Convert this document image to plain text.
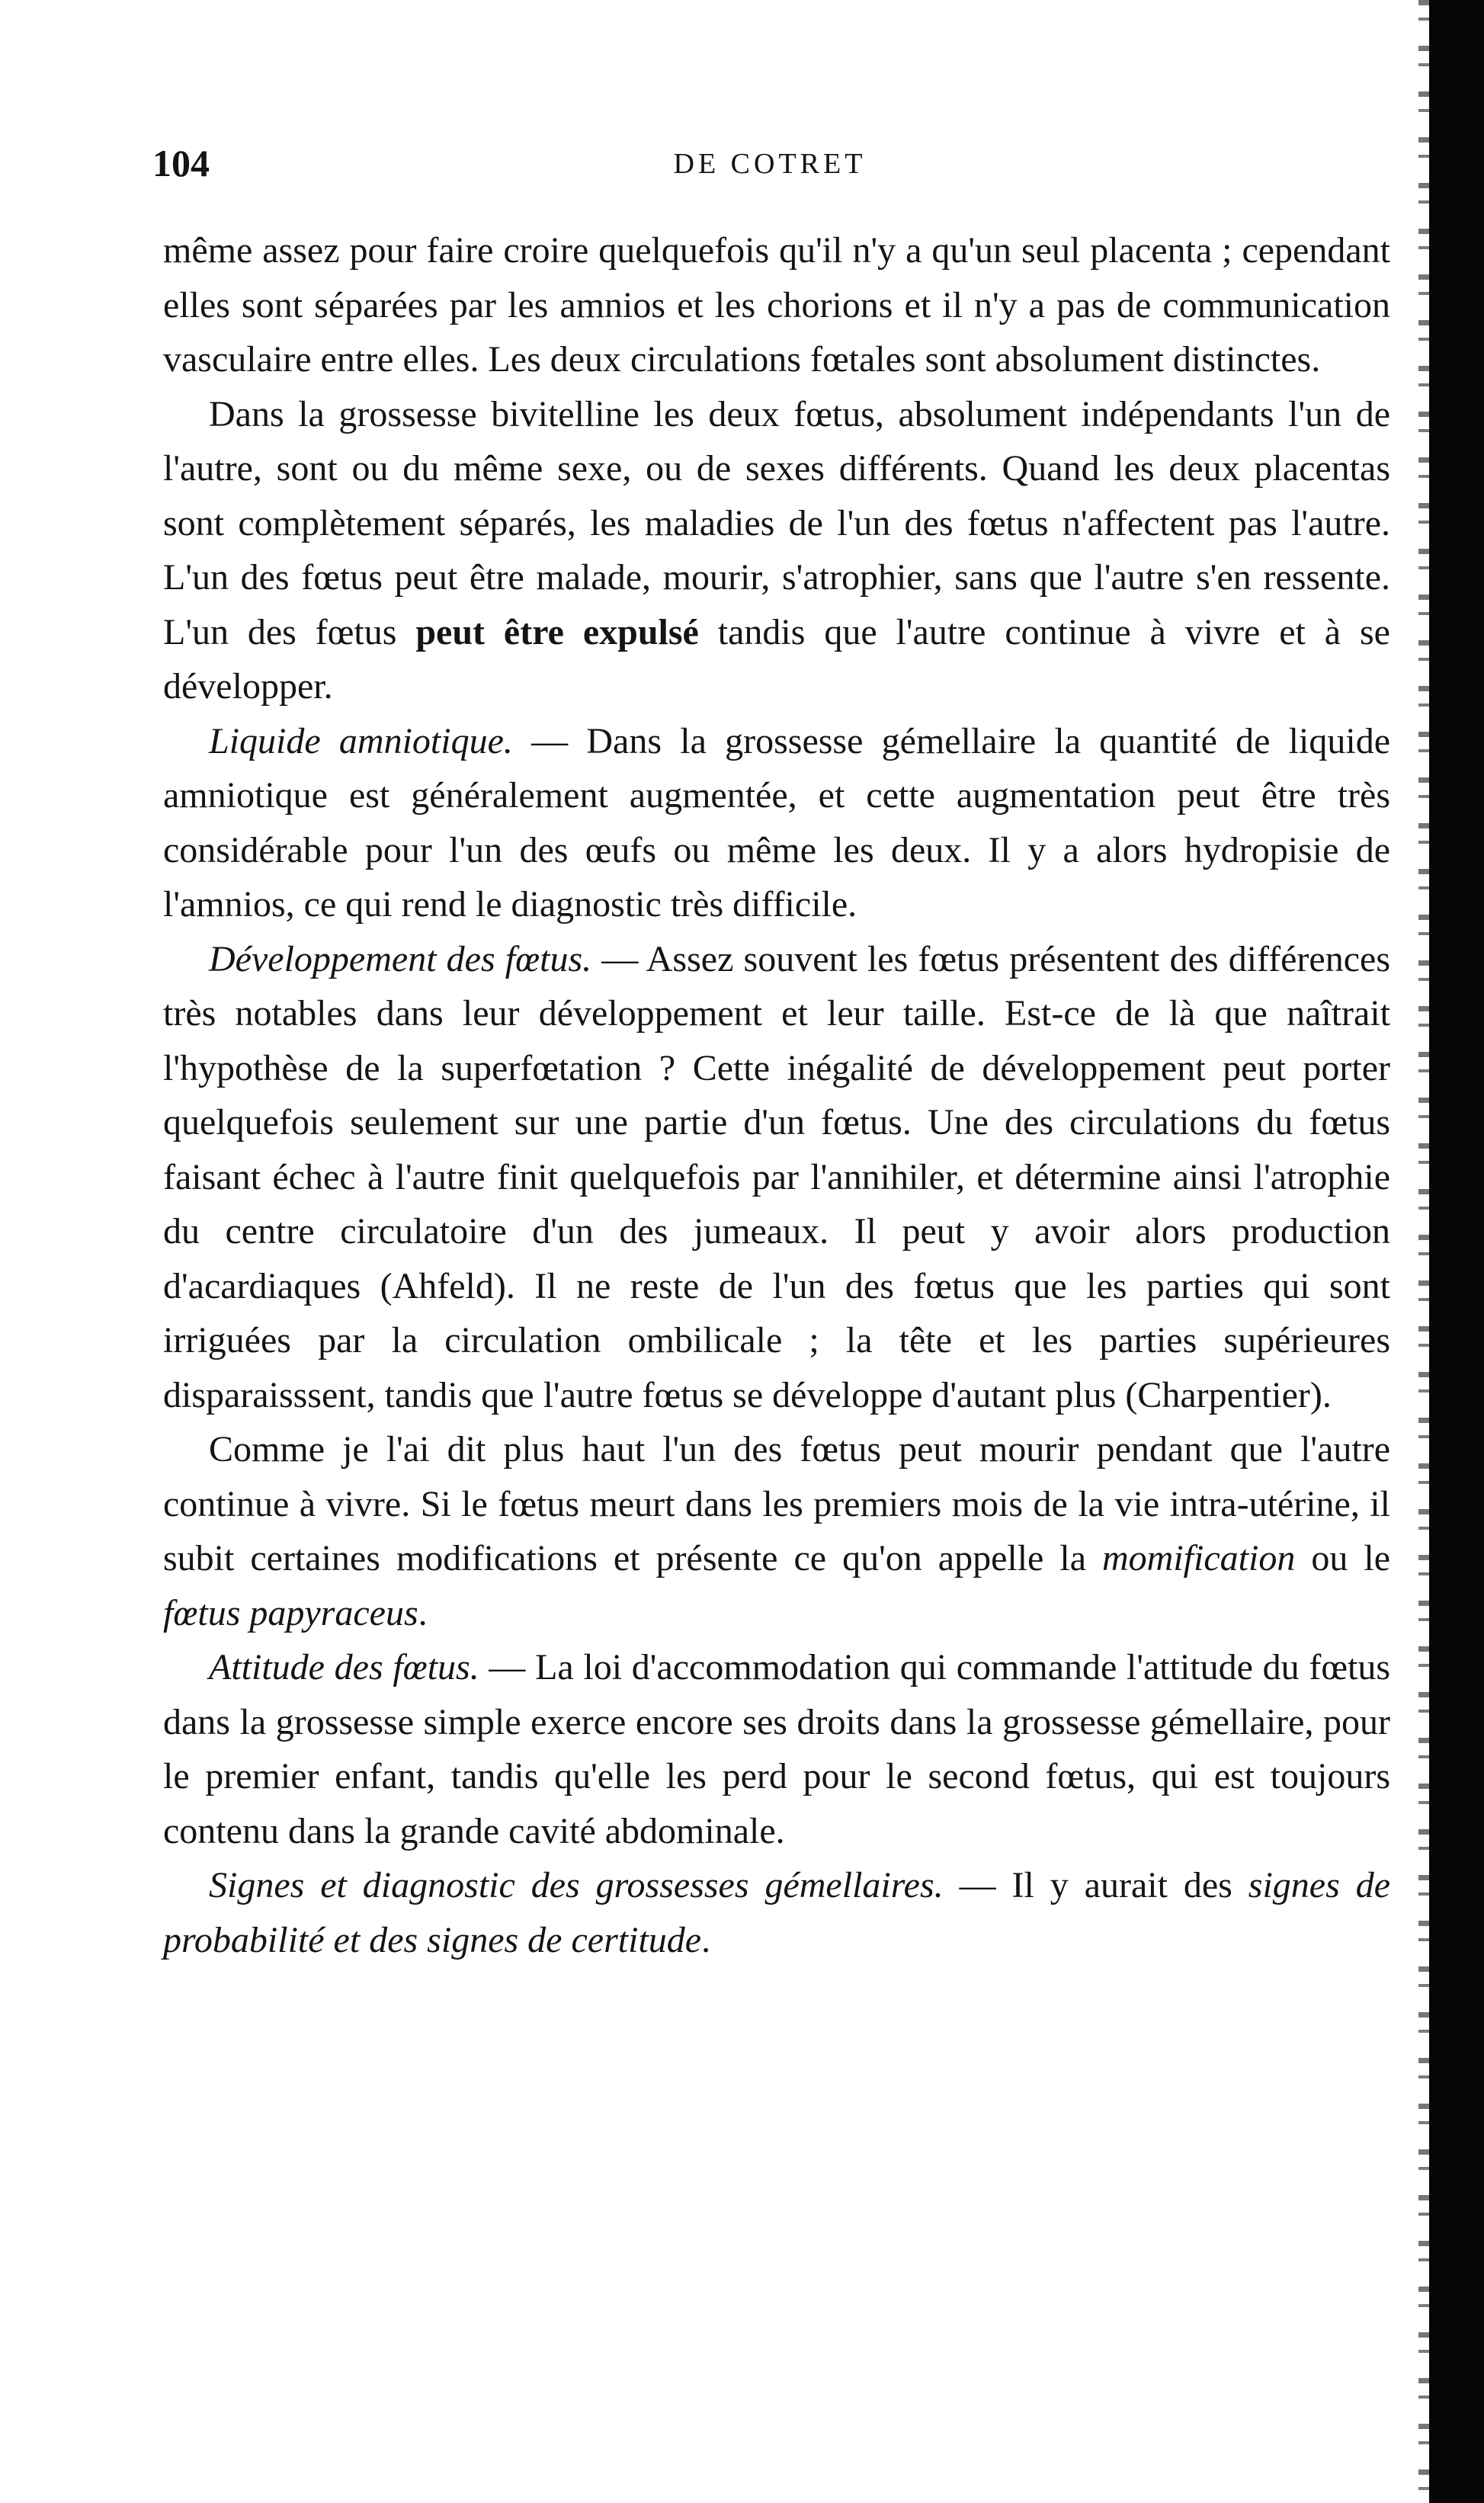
104	DE COTRET

même assez pour faire croire quelquefois qu'il n'y a qu'un seul placenta ; cependant elles sont séparées par les amnios et les chorions et il n'y a pas de communication vasculaire entre elles. Les deux circulations fœtales sont absolument distinctes.

Dans la grossesse bivitelline les deux fœtus, absolument indépendants l'un de l'autre, sont ou du même sexe, ou de sexes différents. Quand les deux placentas sont complètement séparés, les maladies de l'un des fœtus n'affectent pas l'autre. L'un des fœtus peut être malade, mourir, s'atrophier, sans que l'autre s'en ressente. L'un des fœtus peut être expulsé tandis que l'autre continue à vivre et à se développer.

Liquide amniotique. — Dans la grossesse gémellaire la quantité de liquide amniotique est généralement augmentée, et cette augmentation peut être très considérable pour l'un des œufs ou même les deux. Il y a alors hydropisie de l'amnios, ce qui rend le diagnostic très difficile.

Développement des fœtus. — Assez souvent les fœtus présentent des différences très notables dans leur développement et leur taille. Est-ce de là que naîtrait l'hypothèse de la superfœtation ? Cette inégalité de développement peut porter quelquefois seulement sur une partie d'un fœtus. Une des circulations du fœtus faisant échec à l'autre finit quelquefois par l'annihiler, et détermine ainsi l'atrophie du centre circulatoire d'un des jumeaux. Il peut y avoir alors production d'acardiaques (Ahfeld). Il ne reste de l'un des fœtus que les parties qui sont irriguées par la circulation ombilicale ; la tête et les parties supérieures disparaisssent, tandis que l'autre fœtus se développe d'autant plus (Charpentier).

Comme je l'ai dit plus haut l'un des fœtus peut mourir pendant que l'autre continue à vivre. Si le fœtus meurt dans les premiers mois de la vie intra-utérine, il subit certaines modifications et présente ce qu'on appelle la momification ou le fœtus papyraceus.

Attitude des fœtus. — La loi d'accommodation qui commande l'attitude du fœtus dans la grossesse simple exerce encore ses droits dans la grossesse gémellaire, pour le premier enfant, tandis qu'elle les perd pour le second fœtus, qui est toujours contenu dans la grande cavité abdominale.

Signes et diagnostic des grossesses gémellaires. — Il y aurait des signes de probabilité et des signes de certitude.
